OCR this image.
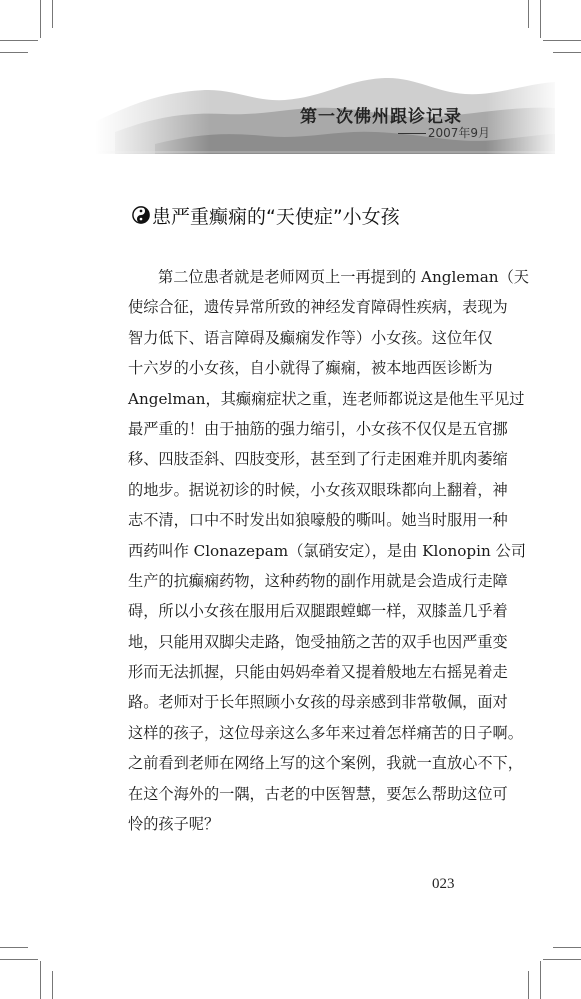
第一次佛州跟诊记录
2007年9月
患严重癫痫的“天使症”小女孩
第二位患者就是老师网页上一再提到的 Angleman（天
使综合征，遗传异常所致的神经发育障碍性疾病，表现为
智力低下、语言障碍及癫痫发作等）小女孩。这位年仅
十六岁的小女孩，自小就得了癫痫，被本地西医诊断为
Angelman，其癫痫症状之重，连老师都说这是他生平见过
最严重的！由于抽筋的强力缩引，小女孩不仅仅是五官挪
移、四肢歪斜、四肢变形，甚至到了行走困难并肌肉萎缩
的地步。据说初诊的时候，小女孩双眼珠都向上翻着，神
志不清，口中不时发出如狼嚎般的嘶叫。她当时服用一种
西药叫作 Clonazepam（氯硝安定），是由 Klonopin 公司
生产的抗癫痫药物，这种药物的副作用就是会造成行走障
碍，所以小女孩在服用后双腿跟螳螂一样，双膝盖几乎着
地，只能用双脚尖走路，饱受抽筋之苦的双手也因严重变
形而无法抓握，只能由妈妈牵着又提着般地左右摇晃着走
路。老师对于长年照顾小女孩的母亲感到非常敬佩，面对
这样的孩子，这位母亲这么多年来过着怎样痛苦的日子啊。
之前看到老师在网络上写的这个案例，我就一直放心不下，
在这个海外的一隅，古老的中医智慧，要怎么帮助这位可
怜的孩子呢？
023
